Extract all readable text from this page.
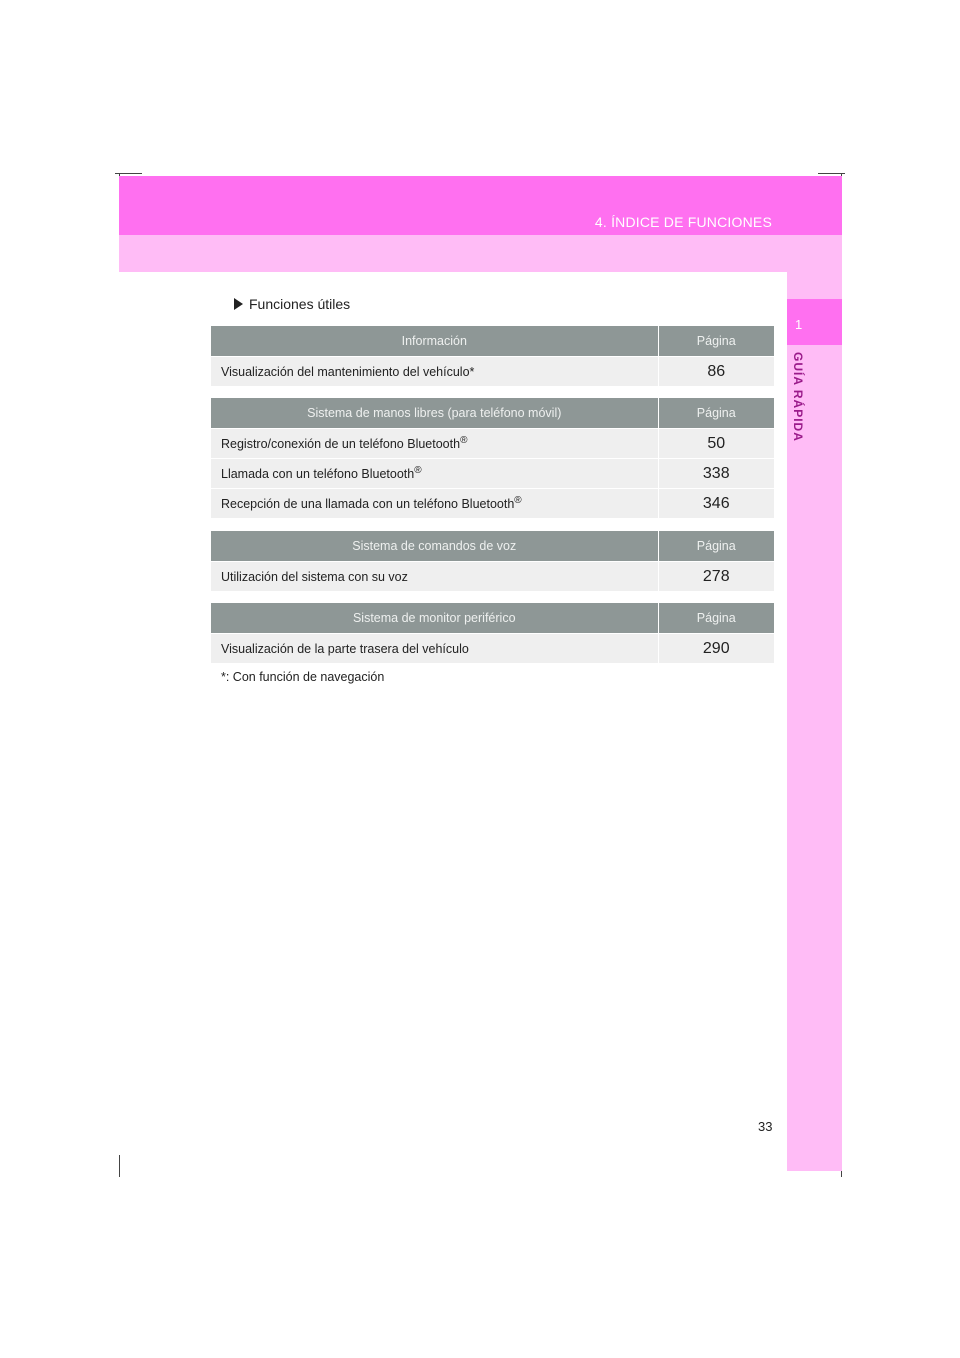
4. ÍNDICE DE FUNCIONES
1
GUÍA RÁPIDA
Funciones útiles
Información	Página
Visualización del mantenimiento del vehículo*	86
Sistema de manos libres (para teléfono móvil)	Página
Registro/conexión de un teléfono Bluetooth®	50
Llamada con un teléfono Bluetooth®	338
Recepción de una llamada con un teléfono Bluetooth®	346
Sistema de comandos de voz	Página
Utilización del sistema con su voz	278
Sistema de monitor periférico	Página
Visualización de la parte trasera del vehículo	290
*: Con función de navegación
33
